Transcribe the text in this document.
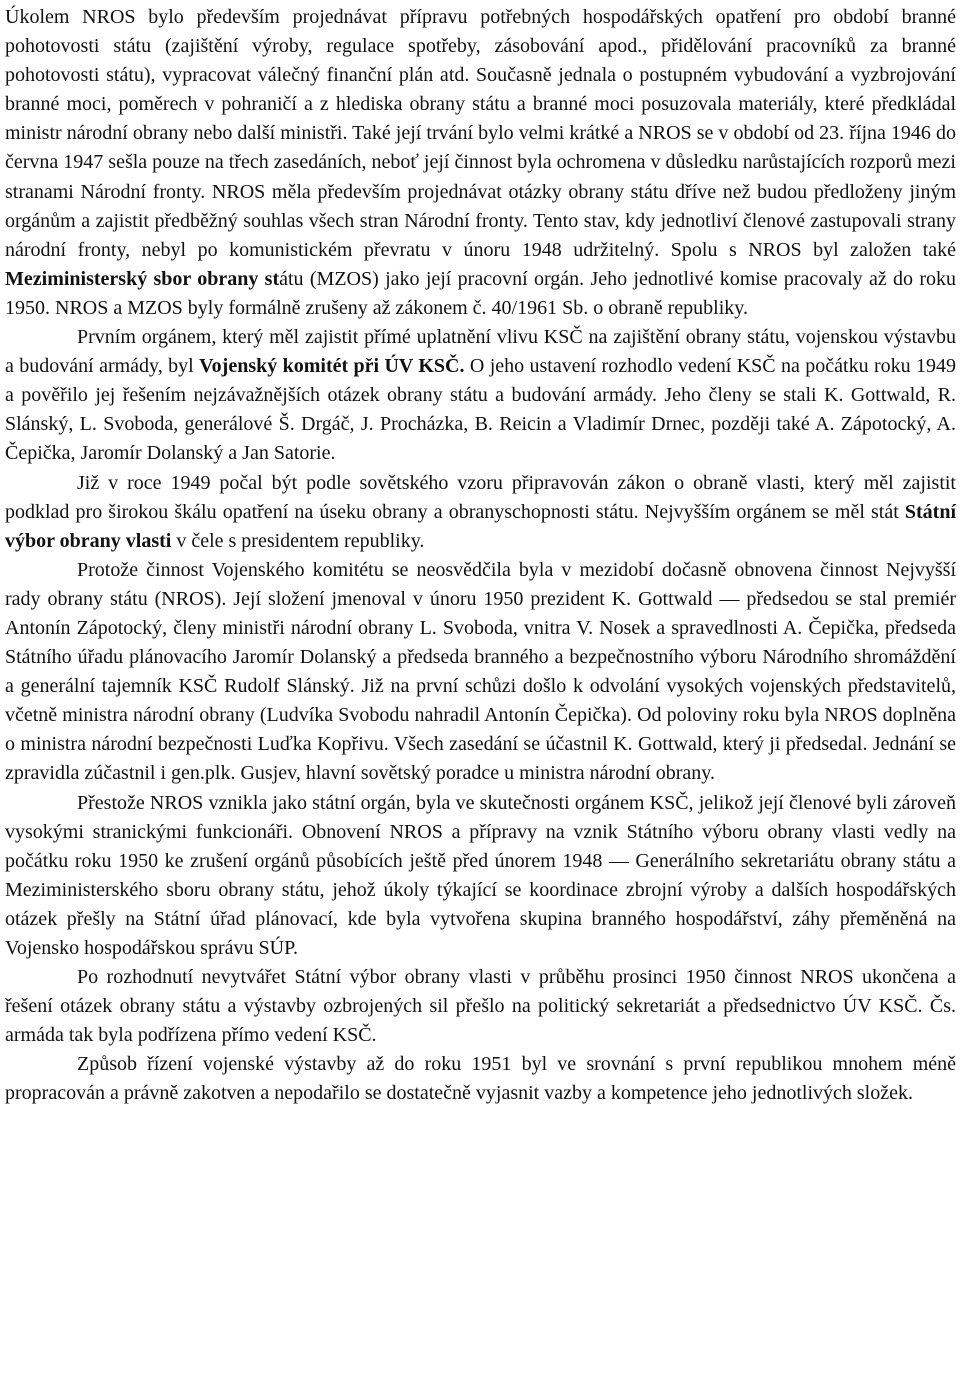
Úkolem NROS bylo především projednávat přípravu potřebných hospodářských opatření pro období branné pohotovosti státu (zajištění výroby, regulace spotřeby, zásobování apod., přidělování pracovníků za branné pohotovosti státu), vypracovat válečný finanční plán atd. Současně jednala o postupném vybudování a vyzbrojování branné moci, poměrech v pohraničí a z hlediska obrany státu a branné moci posuzovala materiály, které předkládal ministr národní obrany nebo další ministři. Také její trvání bylo velmi krátké a NROS se v období od 23. října 1946 do června 1947 sešla pouze na třech zasedáních, neboť její činnost byla ochromena v důsledku narůstajících rozporů mezi stranami Národní fronty. NROS měla především projednávat otázky obrany státu dříve než budou předloženy jiným orgánům a zajistit předběžný souhlas všech stran Národní fronty. Tento stav, kdy jednotliví členové zastupovali strany národní fronty, nebyl po komunistickém převratu v únoru 1948 udržitelný. Spolu s NROS byl založen také Meziministerský sbor obrany státu (MZOS) jako její pracovní orgán. Jeho jednotlivé komise pracovaly až do roku 1950. NROS a MZOS byly formálně zrušeny až zákonem č. 40/1961 Sb. o obraně republiky.

Prvním orgánem, který měl zajistit přímé uplatnění vlivu KSČ na zajištění obrany státu, vojenskou výstavbu a budování armády, byl Vojenský komitét při ÚV KSČ. O jeho ustavení rozhodlo vedení KSČ na počátku roku 1949 a pověřilo jej řešením nejzávažnějších otázek obrany státu a budování armády. Jeho členy se stali K. Gottwald, R. Slánský, L. Svoboda, generálové Š. Drgáč, J. Procházka, B. Reicin a Vladimír Drnec, později také A. Zápotocký, A. Čepička, Jaromír Dolanský a Jan Satorie.

Již v roce 1949 počal být podle sovětského vzoru připravován zákon o obraně vlasti, který měl zajistit podklad pro širokou škálu opatření na úseku obrany a obranyschopnosti státu. Nejvyšším orgánem se měl stát Státní výbor obrany vlasti v čele s presidentem republiky.

Protože činnost Vojenského komitétu se neosvědčila byla v mezidobí dočasně obnovena činnost Nejvyšší rady obrany státu (NROS). Její složení jmenoval v únoru 1950 prezident K. Gottwald — předsedou se stal premiér Antonín Zápotocký, členy ministři národní obrany L. Svoboda, vnitra V. Nosek a spravedlnosti A. Čepička, předseda Státního úřadu plánovacího Jaromír Dolanský a předseda branného a bezpečnostního výboru Národního shromáždění a generální tajemník KSČ Rudolf Slánský. Již na první schůzi došlo k odvolání vysokých vojenských představitelů, včetně ministra národní obrany (Ludvíka Svobodu nahradil Antonín Čepička). Od poloviny roku byla NROS doplněna o ministra národní bezpečnosti Luďka Kopřivu. Všech zasedání se účastnil K. Gottwald, který ji předsedal. Jednání se zpravidla zúčastnil i gen.plk. Gusjev, hlavní sovětský poradce u ministra národní obrany.

Přestože NROS vznikla jako státní orgán, byla ve skutečnosti orgánem KSČ, jelikož její členové byli zároveň vysokými stranickými funkcionáři. Obnovení NROS a přípravy na vznik Státního výboru obrany vlasti vedly na počátku roku 1950 ke zrušení orgánů působících ještě před únorem 1948 — Generálního sekretariátu obrany státu a Meziministerského sboru obrany státu, jehož úkoly týkající se koordinace zbrojní výroby a dalších hospodářských otázek přešly na Státní úřad plánovací, kde byla vytvořena skupina branného hospodářství, záhy přeměněná na Vojensko hospodářskou správu SÚP.

Po rozhodnutí nevytvářet Státní výbor obrany vlasti v průběhu prosinci 1950 činnost NROS ukončena a řešení otázek obrany státu a výstavby ozbrojených sil přešlo na politický sekretariát a předsednictvo ÚV KSČ. Čs. armáda tak byla podřízena přímo vedení KSČ.

Způsob řízení vojenské výstavby až do roku 1951 byl ve srovnání s první republikou mnohem méně propracován a právně zakotven a nepodařilo se dostatečně vyjasnit vazby a kompetence jeho jednotlivých složek.
